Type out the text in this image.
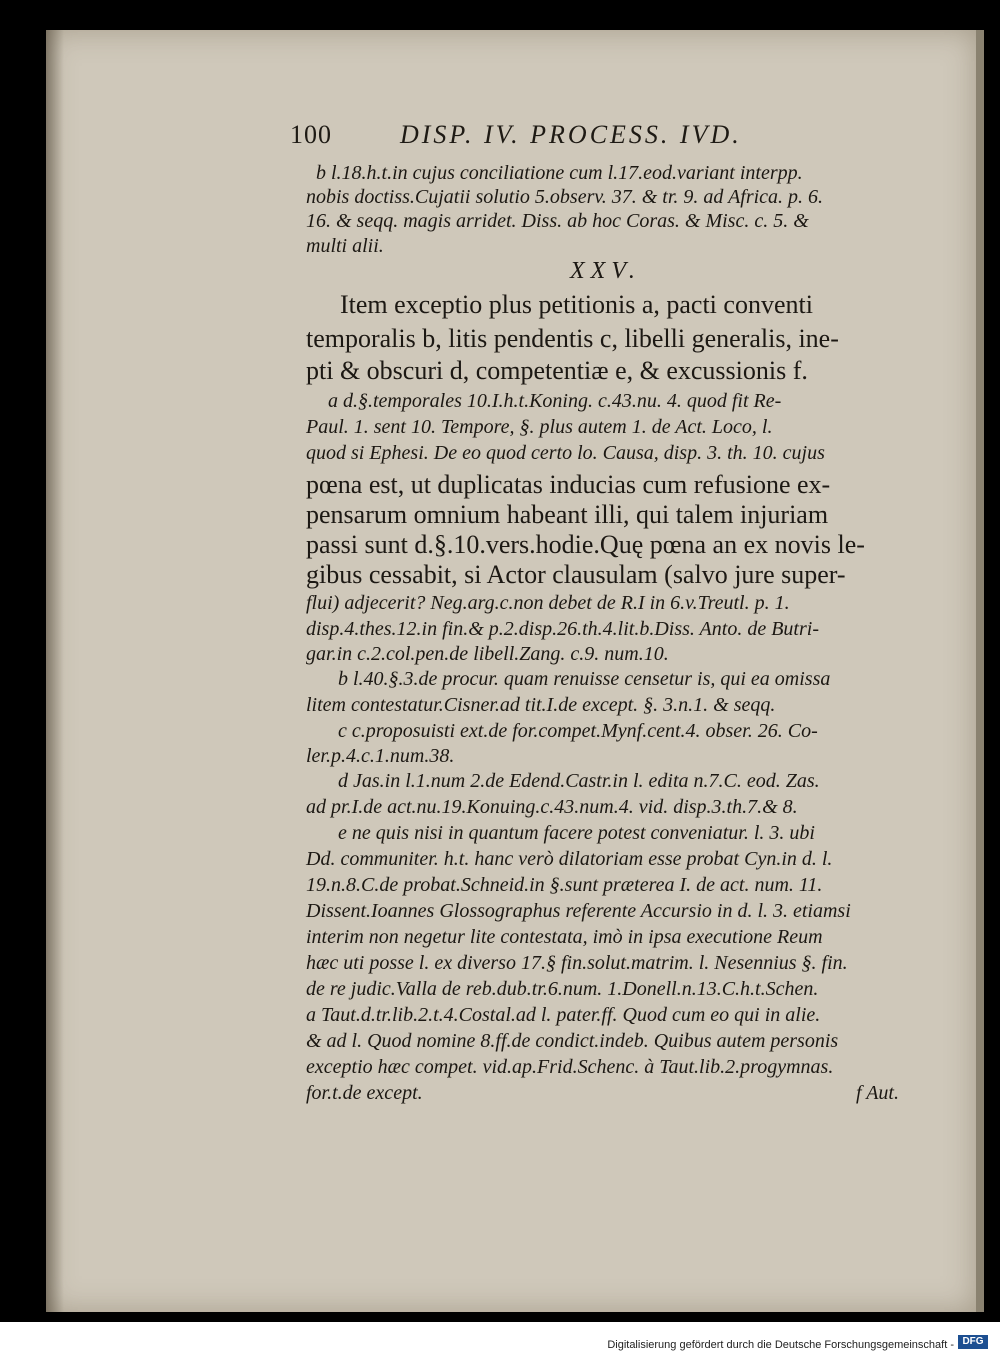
100	DISP. IV. PROCESS. IVD.
b l.18.h.t.in cujus conciliatione cum l.17.eod.variant interpp.
nobis doctiss.Cujatii solutio 5.observ. 37. & tr. 9. ad Africa. p. 6.
16. & seqq. magis arridet. Diss. ab hoc Coras. & Misc. c. 5. &
multi alii.
XXV.
Item exceptio plus petitionis a, pacti conventi
temporalis b, litis pendentis c, libelli generalis, ine-
pti & obscuri d, competentiæ e, & excussionis f.
a d.§.temporales 10.I.h.t.Koning. c.43.nu. 4. quod fit Re-
Paul. 1. sent 10. Tempore, §. plus autem 1. de Act. Loco, l.
quod si Ephesi. De eo quod certo lo. Causa, disp. 3. th. 10. cujus
pœna est, ut duplicatas inducias cum refusione ex-
pensarum omnium habeant illi, qui talem injuriam
passi sunt d.§.10.vers.hodie.Quę pœna an ex novis le-
gibus cessabit, si Actor clausulam (salvo jure super-
flui) adjecerit? Neg.arg.c.non debet de R.I in 6.v.Treutl. p. 1.
disp.4.thes.12.in fin.& p.2.disp.26.th.4.lit.b.Diss. Anto. de Butri-
gar.in c.2.col.pen.de libell.Zang. c.9. num.10.
b l.40.§.3.de procur. quam renuisse censetur is, qui ea omissa
litem contestatur.Cisner.ad tit.I.de except. §. 3.n.1. & seqq.
c c.proposuisti ext.de for.compet.Mynf.cent.4. obser. 26. Co-
ler.p.4.c.1.num.38.
d Jas.in l.1.num 2.de Edend.Castr.in l. edita n.7.C. eod. Zas.
ad pr.I.de act.nu.19.Konuing.c.43.num.4. vid. disp.3.th.7.& 8.
e ne quis nisi in quantum facere potest conveniatur. l. 3. ubi
Dd. communiter. h.t. hanc verò dilatoriam esse probat Cyn.in d. l.
19.n.8.C.de probat.Schneid.in §.sunt præterea I. de act. num. 11.
Dissent.Ioannes Glossographus referente Accursio in d. l. 3. etiamsi
interim non negetur lite contestata, imò in ipsa executione Reum
hæc uti posse l. ex diverso 17.§ fin.solut.matrim. l. Nesennius §. fin.
de re judic.Valla de reb.dub.tr.6.num. 1.Donell.n.13.C.h.t.Schen.
a Taut.d.tr.lib.2.t.4.Costal.ad l. pater.ff. Quod cum eo qui in alie.
& ad l. Quod nomine 8.ff.de condict.indeb. Quibus autem personis
exceptio hæc compet. vid.ap.Frid.Schenc. à Taut.lib.2.progymnas.
for.t.de except.	f Aut.
Digitalisierung gefördert durch die Deutsche Forschungsgemeinschaft - DFG
